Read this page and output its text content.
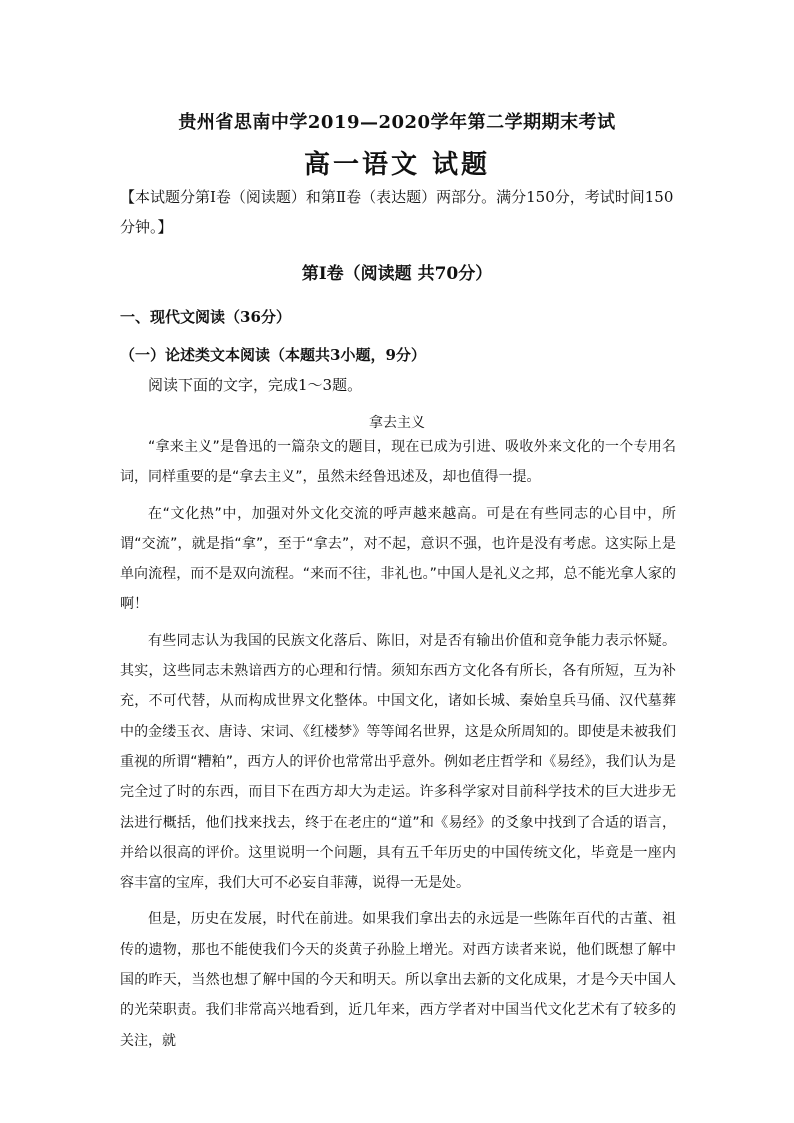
贵州省思南中学2019—2020学年第二学期期末考试
高一语文 试题
【本试题分第Ⅰ卷（阅读题）和第Ⅱ卷（表达题）两部分。满分150分，考试时间150分钟。】
第Ⅰ卷（阅读题 共70分）
一、现代文阅读（36分）
（一）论述类文本阅读（本题共3小题，9分）
阅读下面的文字，完成1～3题。
拿去主义

“拿来主义”是鲁迅的一篇杂文的题目，现在已成为引进、吸收外来文化的一个专用名词，同样重要的是“拿去主义”，虽然未经鲁迅述及，却也值得一提。

在“文化热”中，加强对外文化交流的呼声越来越高。可是在有些同志的心目中，所谓“交流”，就是指“拿”，至于“拿去”，对不起，意识不强，也许是没有考虑。这实际上是单向流程，而不是双向流程。“来而不往，非礼也。”中国人是礼义之邦，总不能光拿人家的啊！

有些同志认为我国的民族文化落后、陈旧，对是否有输出价值和竞争能力表示怀疑。其实，这些同志未熟谙西方的心理和行情。须知东西方文化各有所长，各有所短，互为补充，不可代替，从而构成世界文化整体。中国文化，诸如长城、秦始皇兵马俑、汉代墓葬中的金缕玉衣、唐诗、宋词、《红楼梦》等等闻名世界，这是众所周知的。即使是未被我们重视的所谓“糟粕”，西方人的评价也常常出乎意外。例如老庄哲学和《易经》，我们认为是完全过了时的东西，而目下在西方却大为走运。许多科学家对目前科学技术的巨大进步无法进行概括，他们找来找去，终于在老庄的“道”和《易经》的爻象中找到了合适的语言，并给以很高的评价。这里说明一个问题，具有五千年历史的中国传统文化，毕竟是一座内容丰富的宝库，我们大可不必妄自菲薄，说得一无是处。

但是，历史在发展，时代在前进。如果我们拿出去的永远是一些陈年百代的古董、祖传的遗物，那也不能使我们今天的炎黄子孙脸上增光。对西方读者来说，他们既想了解中国的昨天，当然也想了解中国的今天和明天。所以拿出去新的文化成果，才是今天中国人的光荣职责。我们非常高兴地看到，近几年来，西方学者对中国当代文化艺术有了较多的关注，就
